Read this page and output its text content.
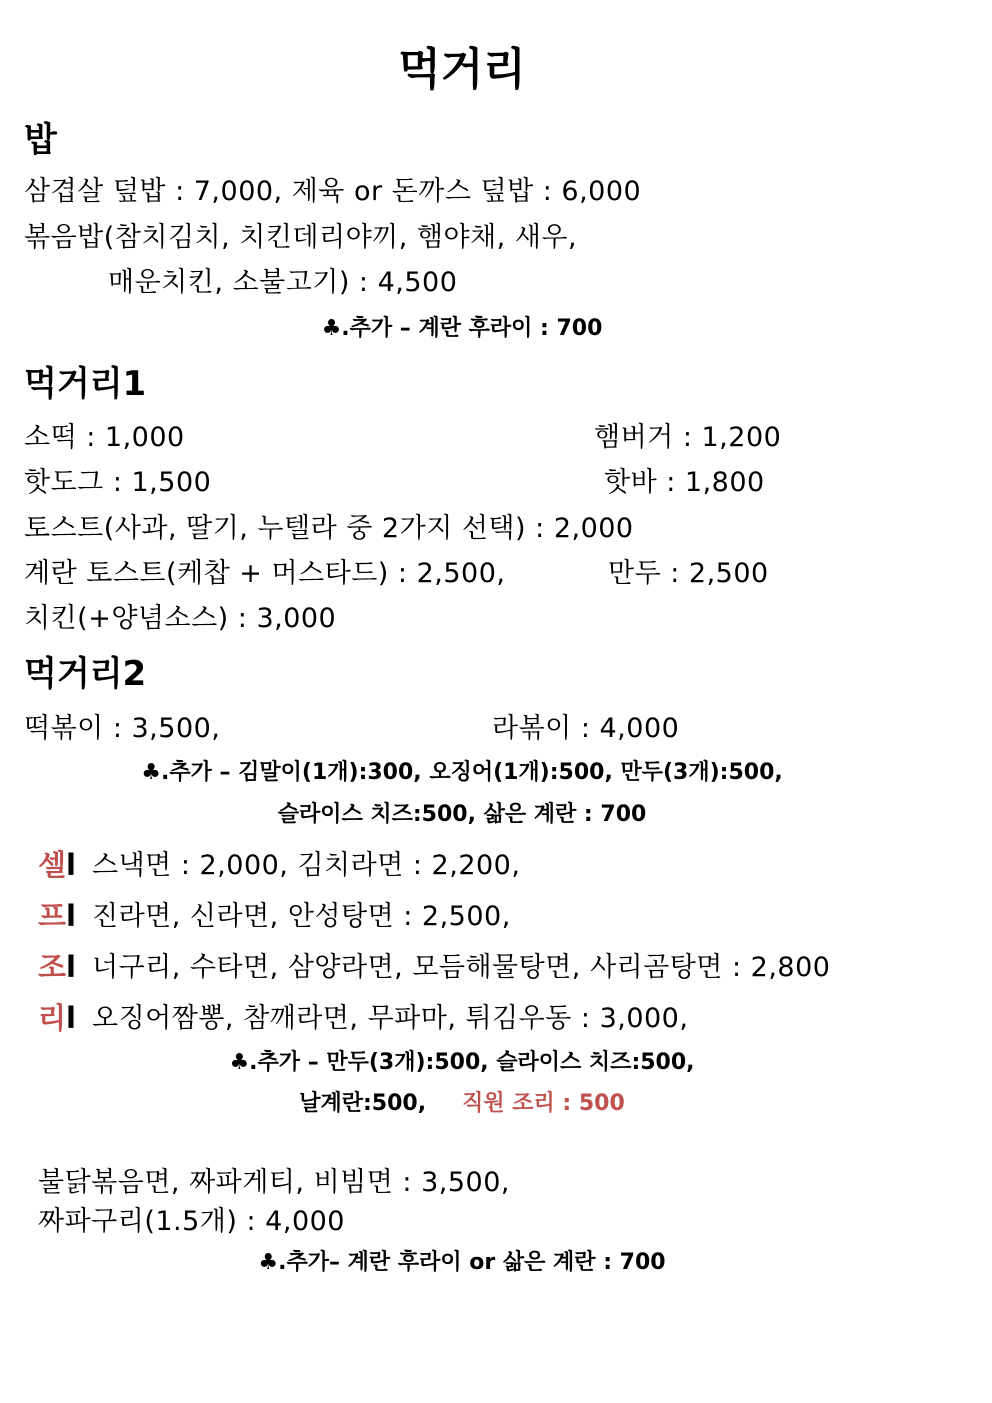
먹거리
밥
삼겹살 덮밥 : 7,000, 제육 or 돈까스 덮밥 : 6,000
볶음밥(참치김치, 치킨데리야끼, 햄야채, 새우,
매운치킨, 소불고기) : 4,500
♣.추가 – 계란 후라이 : 700
먹거리1
소떡 : 1,000	햄버거 : 1,200
핫도그 : 1,500	핫바 : 1,800
토스트(사과, 딸기, 누텔라 중 2가지 선택) : 2,000
계란 토스트(케찹 + 머스타드) : 2,500,	만두 : 2,500
치킨(+양념소스) : 3,000
먹거리2
떡볶이 : 3,500,	라볶이 : 4,000
♣.추가 – 김말이(1개):300, 오징어(1개):500, 만두(3개):500,
슬라이스 치즈:500, 삶은 계란 : 700
셀l 스낵면 : 2,000, 김치라면 : 2,200,
프l 진라면, 신라면, 안성탕면 : 2,500,
조l 너구리, 수타면, 삼양라면, 모듬해물탕면, 사리곰탕면 : 2,800
리l 오징어짬뽕, 참깨라면, 무파마, 튀김우동 : 3,000,
♣.추가 – 만두(3개):500, 슬라이스 치즈:500,
날계란:500, 직원 조리 : 500
불닭볶음면, 짜파게티, 비빔면 : 3,500,
짜파구리(1.5개) : 4,000
♣.추가– 계란 후라이 or 삶은 계란 : 700
